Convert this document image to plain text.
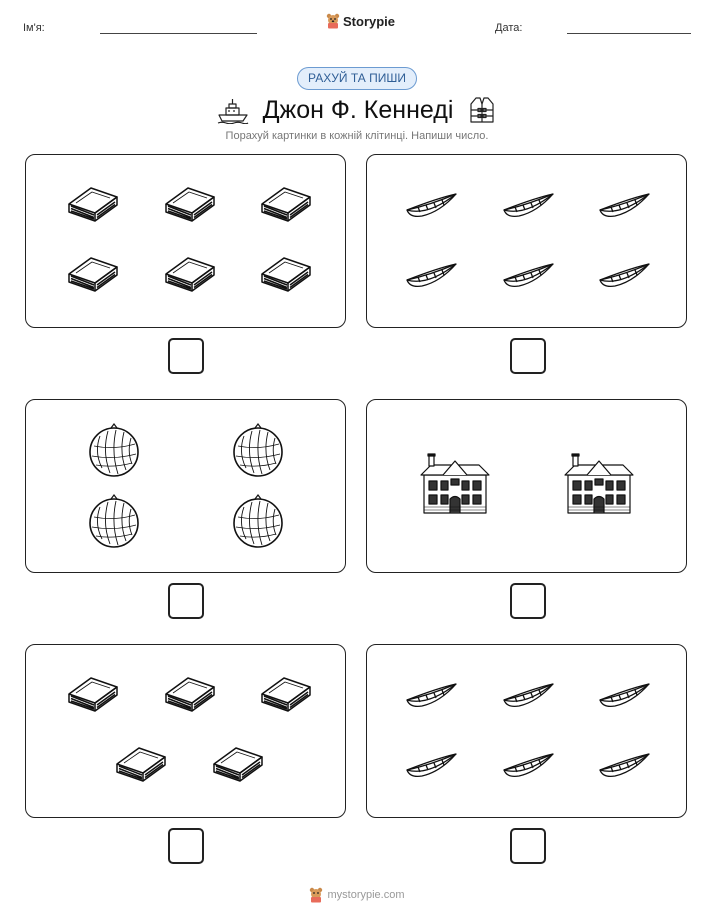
Ім'я:	Storypie	Дата:
РАХУЙ ТА ПИШИ
Джон Ф. Кеннеді
Порахуй картинки в кожній клітинці. Напиши число.
mystorypie.com
